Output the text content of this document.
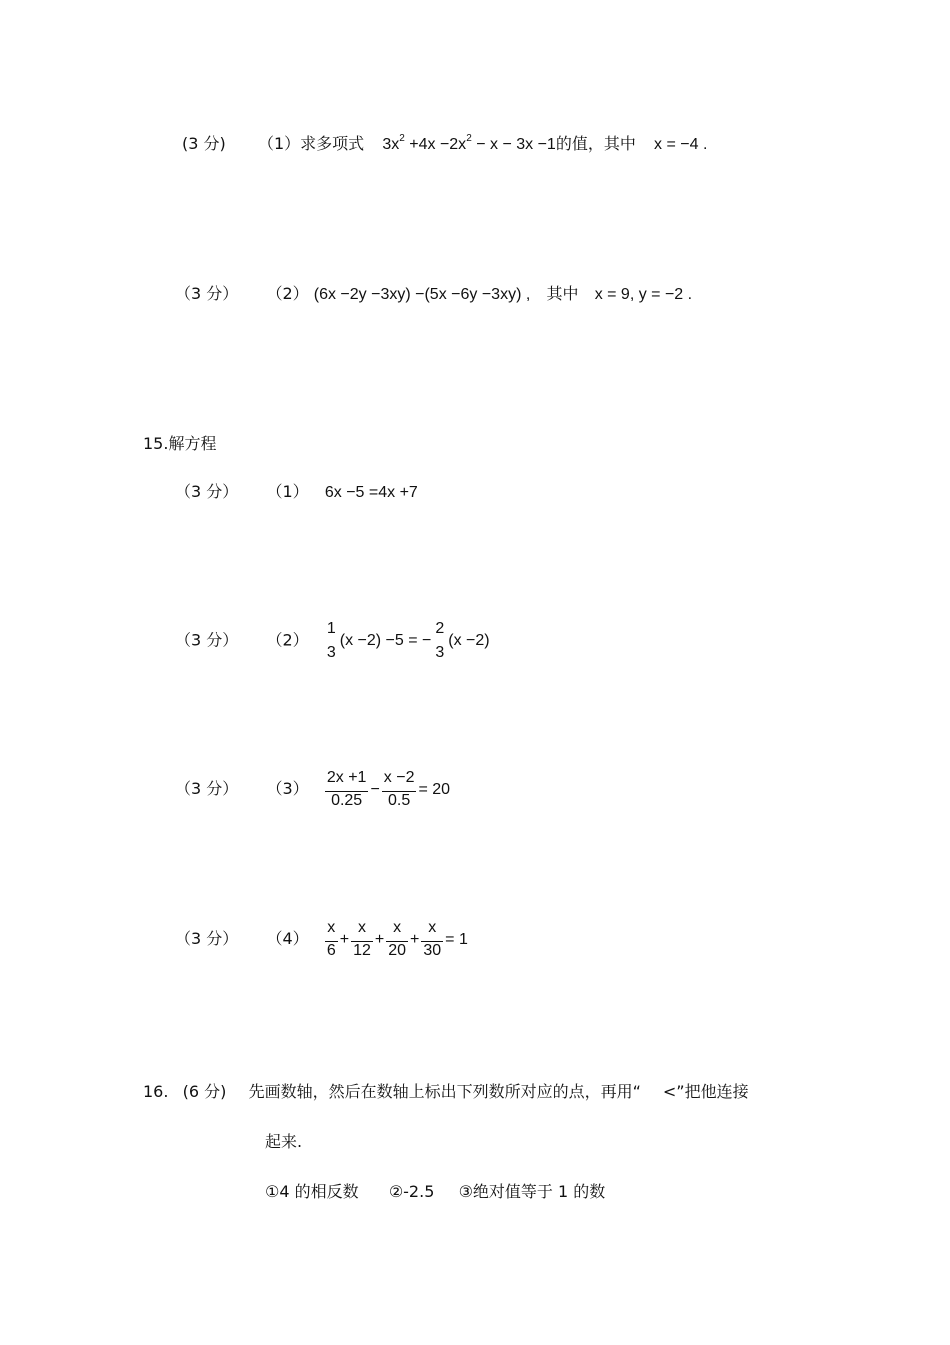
(3 分) （1）求多项式 $3x^2 +4x -2x^2 - x - 3x -1$的值，其中 x = −4 .
（3 分） （2） (6x −2y −3xy) −(5x −6y −3xy) , 其中 x = 9, y = −2 .
15.解方程
（3 分） （1） 6x −5 =4x +7
（3 分） （2）
1
3
(x −2) −5 = −
2
3
(x −2)
（3 分） $(3) \frac{2x +1}{0.25} - \frac{x -2}{0.5} = 20$
（3 分） $(4) \frac{x}{6} + \frac{x}{12} + \frac{x}{20} + \frac{x}{30} = 1$
16. (6 分) 先画数轴，然后在数轴上标出下列数所对应的点，再用“ <”把他连接
起来.
①4 的相反数 ②-2.5 ③绝对值等于 1 的数
